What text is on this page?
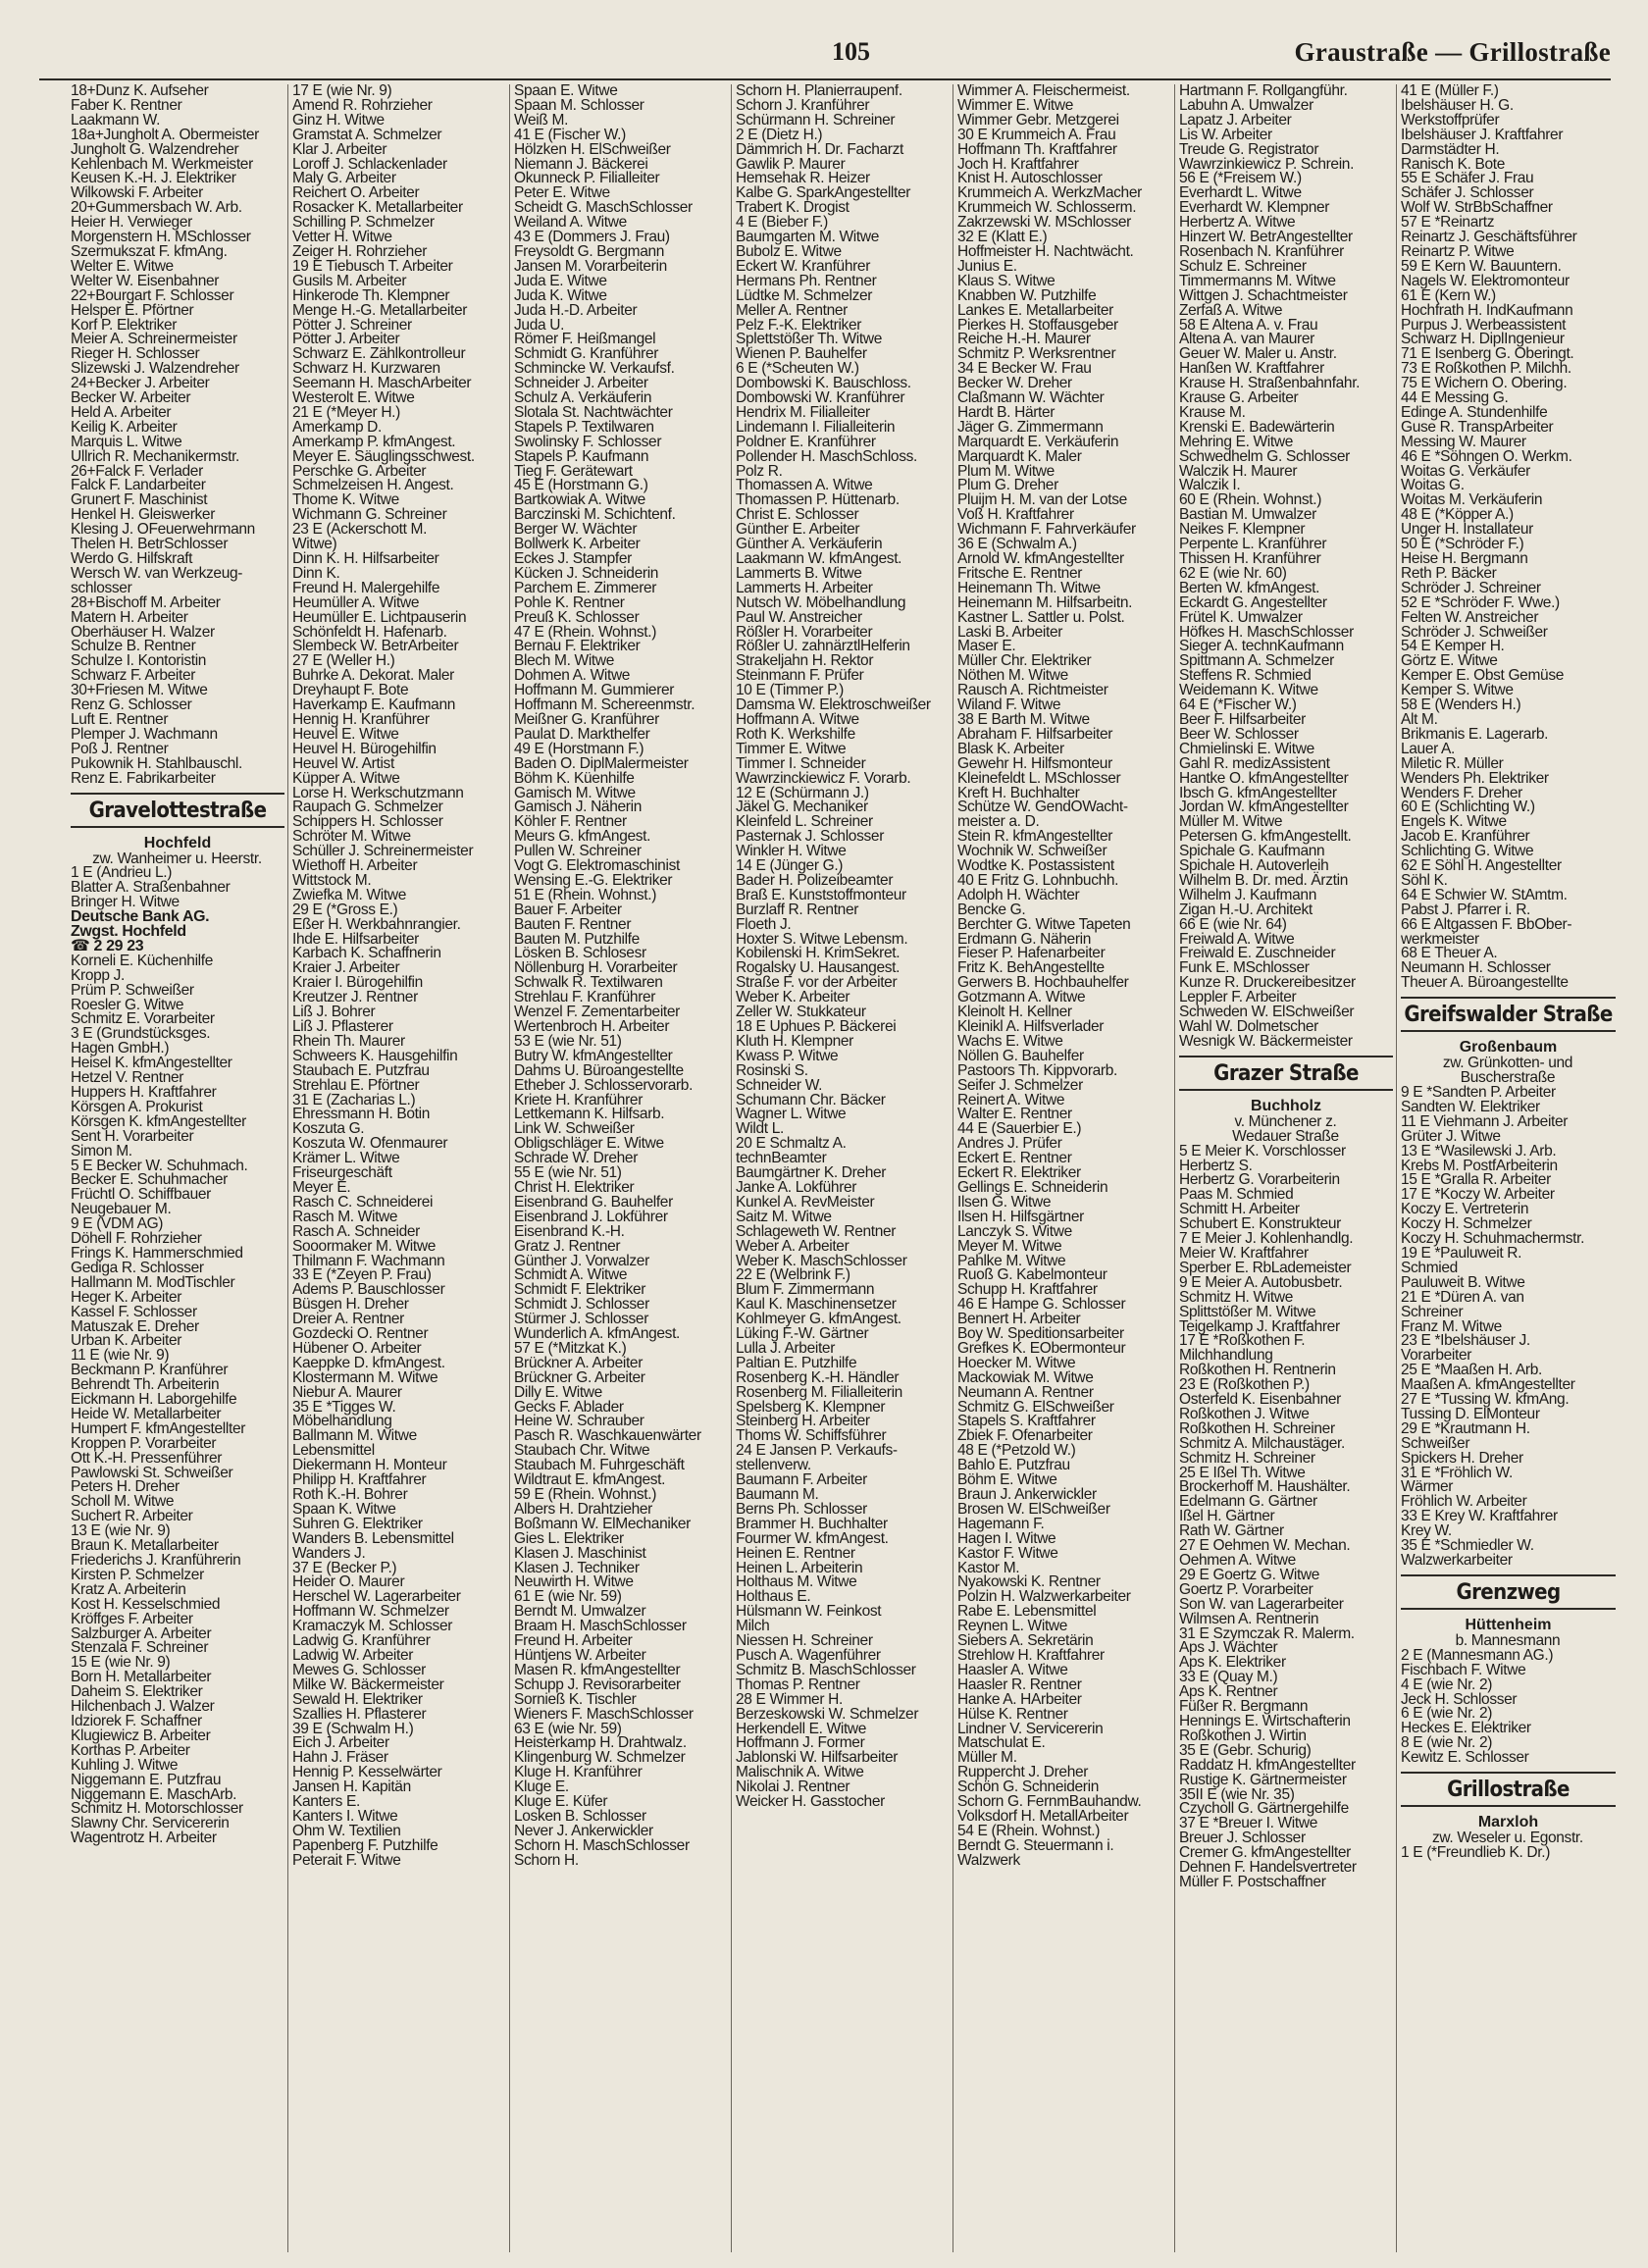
105	Graustraße — Grillostraße
18+Dunz K. Aufseher
Faber K. Rentner
Laakmann W.
18a+Jungholt A. Obermeister
Jungholt G. Walzendreher
Kehlenbach M. Werkmeister
Keusen K.-H. J. Elektriker
Wilkowski F. Arbeiter
20+Gummersbach W. Arb.
Heier H. Verwieger
Morgenstern H. MSchlosser
Szermukszat F. kfmAng.
Welter E. Witwe
Welter W. Eisenbahner
22+Bourgart F. Schlosser
Helsper E. Pförtner
Korf P. Elektriker
Meier A. Schreinermeister
Rieger H. Schlosser
Slizewski J. Walzendreher
24+Becker J. Arbeiter
Becker W. Arbeiter
Held A. Arbeiter
Keilig K. Arbeiter
Marquis L. Witwe
Ullrich R. Mechanikermstr.
26+Falck F. Verlader
Falck F. Landarbeiter
Grunert F. Maschinist
Henkel H. Gleiswerker
Klesing J. OFeuerwehrmann
Thelen H. BetrSchlosser
Werdo G. Hilfskraft
Wersch W. van Werkzeug-
schlosser
28+Bischoff M. Arbeiter
Matern H. Arbeiter
Oberhäuser H. Walzer
Schulze B. Rentner
Schulze I. Kontoristin
Schwarz F. Arbeiter
30+Friesen M. Witwe
Renz G. Schlosser
Luft E. Rentner
Plemper J. Wachmann
Poß J. Rentner
Pukownik H. Stahlbauschl.
Renz E. Fabrikarbeiter
Gravelottestraße
Hochfeld
zw. Wanheimer u. Heerstr.
1 E (Andrieu L.)
Blatter A. Straßenbahner
Bringer H. Witwe
Deutsche Bank AG.
Zwgst. Hochfeld
☎ 2 29 23
Korneli E. Küchenhilfe
Kropp J.
Prüm P. Schweißer
Roesler G. Witwe
Schmitz E. Vorarbeiter
3 E (Grundstücksges.
Hagen GmbH.)
Heisel K. kfmAngestellter
Hetzel V. Rentner
Huppers H. Kraftfahrer
Körsgen A. Prokurist
Körsgen K. kfmAngestellter
Sent H. Vorarbeiter
Simon M.
5 E Becker W. Schuhmach.
Becker E. Schuhmacher
Früchtl O. Schiffbauer
Neugebauer M.
9 E (VDM AG)
Döhell F. Rohrzieher
Frings K. Hammerschmied
Gediga R. Schlosser
Hallmann M. ModTischler
Heger K. Arbeiter
Kassel F. Schlosser
Matuszak E. Dreher
Urban K. Arbeiter
11 E (wie Nr. 9)
Beckmann P. Kranführer
Behrendt Th. Arbeiterin
Eickmann H. Laborgehilfe
Heide W. Metallarbeiter
Humpert F. kfmAngestellter
Kroppen P. Vorarbeiter
Ott K.-H. Pressenführer
Pawlowski St. Schweißer
Peters H. Dreher
Scholl M. Witwe
Suchert R. Arbeiter
13 E (wie Nr. 9)
Braun K. Metallarbeiter
Friederichs J. Kranführerin
Kirsten P. Schmelzer
Kratz A. Arbeiterin
Kost H. Kesselschmied
Kröffges F. Arbeiter
Salzburger A. Arbeiter
Stenzala F. Schreiner
15 E (wie Nr. 9)
Born H. Metallarbeiter
Daheim S. Elektriker
Hilchenbach J. Walzer
Idziorek F. Schaffner
Klugiewicz B. Arbeiter
Korthas P. Arbeiter
Kuhling J. Witwe
Niggemann E. Putzfrau
Niggemann E. MaschArb.
Schmitz H. Motorschlosser
Slawny Chr. Servicererin
Wagentrotz H. Arbeiter
17 E (wie Nr. 9)
Amend R. Rohrzieher
Ginz H. Witwe
Gramstat A. Schmelzer
Klar J. Arbeiter
Loroff J. Schlackenlader
Maly G. Arbeiter
Reichert O. Arbeiter
Rosacker K. Metallarbeiter
Schilling P. Schmelzer
Vetter H. Witwe
Zeiger H. Rohrzieher
19 E Tiebusch T. Arbeiter
Gusils M. Arbeiter
Hinkerode Th. Klempner
Menge H.-G. Metallarbeiter
Pötter J. Schreiner
Pötter J. Arbeiter
Schwarz E. Zählkontrolleur
Schwarz H. Kurzwaren
Seemann H. MaschArbeiter
Westerolt E. Witwe
21 E (*Meyer H.)
Amerkamp D.
Amerkamp P. kfmAngest.
Meyer E. Säuglingsschwest.
Perschke G. Arbeiter
Schmelzeisen H. Angest.
Thome K. Witwe
Wichmann G. Schreiner
23 E (Ackerschott M.
Witwe)
Dinn K. H. Hilfsarbeiter
Dinn K.
Freund H. Malergehilfe
Heumüller A. Witwe
Heumüller E. Lichtpauserin
Schönfeldt H. Hafenarb.
Slembeck W. BetrArbeiter
27 E (Weller H.)
Buhrke A. Dekorat. Maler
Dreyhaupt F. Bote
Haverkamp E. Kaufmann
Hennig H. Kranführer
Heuvel E. Witwe
Heuvel H. Bürogehilfin
Heuvel W. Artist
Küpper A. Witwe
Lorse H. Werkschutzmann
Raupach G. Schmelzer
Schippers H. Schlosser
Schröter M. Witwe
Schüller J. Schreinermeister
Wiethoff H. Arbeiter
Wittstock M.
Zwiefka M. Witwe
29 E (*Gross E.)
Eßer H. Werkbahnrangier.
Ihde E. Hilfsarbeiter
Karbach K. Schaffnerin
Kraier J. Arbeiter
Kraier I. Bürogehilfin
Kreutzer J. Rentner
Liß J. Bohrer
Liß J. Pflasterer
Rhein Th. Maurer
Schweers K. Hausgehilfin
Staubach E. Putzfrau
Strehlau E. Pförtner
31 E (Zacharias L.)
Ehressmann H. Botin
Koszuta G.
Koszuta W. Ofenmaurer
Krämer L. Witwe
Friseurgeschäft
Meyer E.
Rasch C. Schneiderei
Rasch M. Witwe
Rasch A. Schneider
Sooormaker M. Witwe
Thilmann F. Wachmann
33 E (*Zeyen P. Frau)
Adems P. Bauschlosser
Büsgen H. Dreher
Dreier A. Rentner
Gozdecki O. Rentner
Hübener O. Arbeiter
Kaeppke D. kfmAngest.
Klostermann M. Witwe
Niebur A. Maurer
35 E *Tigges W.
Möbelhandlung
Ballmann M. Witwe
Lebensmittel
Diekermann H. Monteur
Philipp H. Kraftfahrer
Roth K.-H. Bohrer
Spaan K. Witwe
Suhren G. Elektriker
Wanders B. Lebensmittel
Wanders J.
37 E (Becker P.)
Heider O. Maurer
Herschel W. Lagerarbeiter
Hoffmann W. Schmelzer
Kramaczyk M. Schlosser
Ladwig G. Kranführer
Ladwig W. Arbeiter
Mewes G. Schlosser
Milke W. Bäckermeister
Sewald H. Elektriker
Szallies H. Pflasterer
39 E (Schwalm H.)
Eich J. Arbeiter
Hahn J. Fräser
Hennig P. Kesselwärter
Jansen H. Kapitän
Kanters E.
Kanters I. Witwe
Ohm W. Textilien
Papenberg F. Putzhilfe
Peterait F. Witwe
Spaan E. Witwe
Spaan M. Schlosser
Weiß M.
41 E (Fischer W.)
Hölzken H. ElSchweißer
Niemann J. Bäckerei
Okunneck P. Filialleiter
Peter E. Witwe
Scheidt G. MaschSchlosser
Weiland A. Witwe
43 E (Dommers J. Frau)
Freysoldt G. Bergmann
Jansen M. Vorarbeiterin
Juda E. Witwe
Juda K. Witwe
Juda H.-D. Arbeiter
Juda U.
Römer F. Heißmangel
Schmidt G. Kranführer
Schmincke W. Verkaufsf.
Schneider J. Arbeiter
Schulz A. Verkäuferin
Slotala St. Nachtwächter
Stapels P. Textilwaren
Swolinsky F. Schlosser
Stapels P. Kaufmann
Tieg F. Gerätewart
45 E (Horstmann G.)
Bartkowiak A. Witwe
Barczinski M. Schichtenf.
Berger W. Wächter
Bollwerk K. Arbeiter
Eckes J. Stampfer
Kücken J. Schneiderin
Parchem E. Zimmerer
Pohle K. Rentner
Preuß K. Schlosser
47 E (Rhein. Wohnst.)
Bernau F. Elektriker
Blech M. Witwe
Dohmen A. Witwe
Hoffmann M. Gummierer
Hoffmann M. Schereenmstr.
Meißner G. Kranführer
Paulat D. Markthelfer
49 E (Horstmann F.)
Baden O. DiplMalermeister
Böhm K. Küenhilfe
Gamisch M. Witwe
Gamisch J. Näherin
Köhler F. Rentner
Meurs G. kfmAngest.
Pullen W. Schreiner
Vogt G. Elektromaschinist
Wensing E.-G. Elektriker
51 E (Rhein. Wohnst.)
Bauer F. Arbeiter
Bauten F. Rentner
Bauten M. Putzhilfe
Lösken B. Schlosesr
Nöllenburg H. Vorarbeiter
Schwalk R. Textilwaren
Strehlau F. Kranführer
Wenzel F. Zementarbeiter
Wertenbroch H. Arbeiter
53 E (wie Nr. 51)
Butry W. kfmAngestellter
Dahms U. Büroangestellte
Etheber J. Schlosservorarb.
Kriete H. Kranführer
Lettkemann K. Hilfsarb.
Link W. Schweißer
Obligschläger E. Witwe
Schrade W. Dreher
55 E (wie Nr. 51)
Christ H. Elektriker
Eisenbrand G. Bauhelfer
Eisenbrand J. Lokführer
Eisenbrand K.-H.
Gratz J. Rentner
Günther J. Vorwalzer
Schmidt A. Witwe
Schmidt F. Elektriker
Schmidt J. Schlosser
Stürmer J. Schlosser
Wunderlich A. kfmAngest.
57 E (*Mitzkat K.)
Brückner A. Arbeiter
Brückner G. Arbeiter
Dilly E. Witwe
Gecks F. Ablader
Heine W. Schrauber
Pasch R. Waschkauenwärter
Staubach Chr. Witwe
Staubach M. Fuhrgeschäft
Wildtraut E. kfmAngest.
59 E (Rhein. Wohnst.)
Albers H. Drahtzieher
Boßmann W. ElMechaniker
Gies L. Elektriker
Klasen J. Maschinist
Klasen J. Techniker
Neuwirth H. Witwe
61 E (wie Nr. 59)
Berndt M. Umwalzer
Braam H. MaschSchlosser
Freund H. Arbeiter
Hüntjens W. Arbeiter
Masen R. kfmAngestellter
Schupp J. Revisorarbeiter
Sornieß K. Tischler
Wieners F. MaschSchlosser
63 E (wie Nr. 59)
Heisterkamp H. Drahtwalz.
Klingenburg W. Schmelzer
Kluge H. Kranführer
Kluge E.
Kluge E. Küfer
Losken B. Schlosser
Never J. Ankerwickler
Schorn H. MaschSchlosser
Schorn H.
Schorn H. Planierraupenf.
Schorn J. Kranführer
Schürmann H. Schreiner
2 E (Dietz H.)
Dämmrich H. Dr. Facharzt
Gawlik P. Maurer
Hemsehak R. Heizer
Kalbe G. SparkAngestellter
Trabert K. Drogist
4 E (Bieber F.)
Baumgarten M. Witwe
Bubolz E. Witwe
Eckert W. Kranführer
Hermans Ph. Rentner
Lüdtke M. Schmelzer
Meller A. Rentner
Pelz F.-K. Elektriker
Splettstößer Th. Witwe
Wienen P. Bauhelfer
6 E (*Scheuten W.)
Dombowski K. Bauschloss.
Dombowski W. Kranführer
Hendrix M. Filialleiter
Lindemann I. Filialleiterin
Poldner E. Kranführer
Pollender H. MaschSchloss.
Polz R.
Thomassen A. Witwe
Thomassen P. Hüttenarb.
Christ E. Schlosser
Günther E. Arbeiter
Günther A. Verkäuferin
Laakmann W. kfmAngest.
Lammerts B. Witwe
Lammerts H. Arbeiter
Nutsch W. Möbelhandlung
Paul W. Anstreicher
Rößler H. Vorarbeiter
Rößler U. zahnärztlHelferin
Strakeljahn H. Rektor
Steinmann F. Prüfer
10 E (Timmer P.)
Damsma W. Elektroschweißer
Hoffmann A. Witwe
Roth K. Werkshilfe
Timmer E. Witwe
Timmer I. Schneider
Wawrzinckiewicz F. Vorarb.
12 E (Schürmann J.)
Jäkel G. Mechaniker
Kleinfeld L. Schreiner
Pasternak J. Schlosser
Winkler H. Witwe
14 E (Jünger G.)
Bader H. Polizeibeamter
Braß E. Kunststoffmonteur
Burzlaff R. Rentner
Floeth J.
Hoxter S. Witwe Lebensm.
Kobilenski H. KrimSekret.
Rogalsky U. Hausangest.
Straße F. vor der Arbeiter
Weber K. Arbeiter
Zeller W. Stukkateur
18 E Uphues P. Bäckerei
Kluth H. Klempner
Kwass P. Witwe
Rosinski S.
Schneider W.
Schumann Chr. Bäcker
Wagner L. Witwe
Wildt L.
20 E Schmaltz A.
technBeamter
Baumgärtner K. Dreher
Janke A. Lokführer
Kunkel A. RevMeister
Saitz M. Witwe
Schlageweth W. Rentner
Weber A. Arbeiter
Weber K. MaschSchlosser
22 E (Welbrink F.)
Blum F. Zimmermann
Kaul K. Maschinensetzer
Kohlmeyer G. kfmAngest.
Lüking F.-W. Gärtner
Lulla J. Arbeiter
Paltian E. Putzhilfe
Rosenberg K.-H. Händler
Rosenberg M. Filialleiterin
Spelsberg K. Klempner
Steinberg H. Arbeiter
Thoms W. Schiffsführer
24 E Jansen P. Verkaufs-
stellenverw.
Baumann F. Arbeiter
Baumann M.
Berns Ph. Schlosser
Brammer H. Buchhalter
Fourmer W. kfmAngest.
Heinen E. Rentner
Heinen L. Arbeiterin
Holthaus M. Witwe
Holthaus E.
Hülsmann W. Feinkost
Milch
Niessen H. Schreiner
Pusch A. Wagenführer
Schmitz B. MaschSchlosser
Thomas P. Rentner
28 E Wimmer H.
Berzeskowski W. Schmelzer
Herkendell E. Witwe
Hoffmann J. Former
Jablonski W. Hilfsarbeiter
Malischnik A. Witwe
Nikolai J. Rentner
Weicker H. Gasstocher
Wimmer A. Fleischermeist.
Wimmer E. Witwe
Wimmer Gebr. Metzgerei
30 E Krummeich A. Frau
Hoffmann Th. Kraftfahrer
Joch H. Kraftfahrer
Knist H. Autoschlosser
Krummeich A. WerkzMacher
Krummeich W. Schlosserm.
Zakrzewski W. MSchlosser
32 E (Klatt E.)
Hoffmeister H. Nachtwächt.
Junius E.
Klaus S. Witwe
Knabben W. Putzhilfe
Lankes E. Metallarbeiter
Pierkes H. Stoffausgeber
Reiche H.-H. Maurer
Schmitz P. Werksrentner
34 E Becker W. Frau
Becker W. Dreher
Claßmann W. Wächter
Hardt B. Härter
Jäger G. Zimmermann
Marquardt E. Verkäuferin
Marquardt K. Maler
Plum M. Witwe
Plum G. Dreher
Pluijm H. M. van der Lotse
Voß H. Kraftfahrer
Wichmann F. Fahrverkäufer
36 E (Schwalm A.)
Arnold W. kfmAngestellter
Fritsche E. Rentner
Heinemann Th. Witwe
Heinemann M. Hilfsarbeitn.
Kastner L. Sattler u. Polst.
Laski B. Arbeiter
Maser E.
Müller Chr. Elektriker
Nöthen M. Witwe
Rausch A. Richtmeister
Wiland F. Witwe
38 E Barth M. Witwe
Abraham F. Hilfsarbeiter
Blask K. Arbeiter
Gewehr H. Hilfsmonteur
Kleinefeldt L. MSchlosser
Kreft H. Buchhalter
Schütze W. GendOWacht-
meister a. D.
Stein R. kfmAngestellter
Wochnik W. Schweißer
Wodtke K. Postassistent
40 E Fritz G. Lohnbuchh.
Adolph H. Wächter
Bencke G.
Berchter G. Witwe Tapeten
Erdmann G. Näherin
Fieser P. Hafenarbeiter
Fritz K. BehAngestellte
Gerwers B. Hochbauhelfer
Gotzmann A. Witwe
Kleinolt H. Kellner
Kleinikl A. Hilfsverlader
Wachs E. Witwe
Nöllen G. Bauhelfer
Pastoors Th. Kippvorarb.
Seifer J. Schmelzer
Reinert A. Witwe
Walter E. Rentner
44 E (Sauerbier E.)
Andres J. Prüfer
Eckert E. Rentner
Eckert R. Elektriker
Gellings E. Schneiderin
Ilsen G. Witwe
Ilsen H. Hilfsgärtner
Lanczyk S. Witwe
Meyer M. Witwe
Pahlke M. Witwe
Ruoß G. Kabelmonteur
Schupp H. Kraftfahrer
46 E Hampe G. Schlosser
Bennert H. Arbeiter
Boy W. Speditionsarbeiter
Grefkes K. EObermonteur
Hoecker M. Witwe
Mackowiak M. Witwe
Neumann A. Rentner
Schmitz G. ElSchweißer
Stapels S. Kraftfahrer
Zbiek F. Ofenarbeiter
48 E (*Petzold W.)
Bahlo E. Putzfrau
Böhm E. Witwe
Braun J. Ankerwickler
Brosen W. ElSchweißer
Hagemann F.
Hagen I. Witwe
Kastor F. Witwe
Kastor M.
Nyakowski K. Rentner
Polzin H. Walzwerkarbeiter
Rabe E. Lebensmittel
Reynen L. Witwe
Siebers A. Sekretärin
Strehlow H. Kraftfahrer
Haasler A. Witwe
Haasler R. Rentner
Hanke A. HArbeiter
Hülse K. Rentner
Lindner V. Servicererin
Matschulat E.
Müller M.
Ruppercht J. Dreher
Schön G. Schneiderin
Schorn G. FernmBauhandw.
Volksdorf H. MetallArbeiter
54 E (Rhein. Wohnst.)
Berndt G. Steuermann i.
Walzwerk
Hartmann F. Rollgangführ.
Labuhn A. Umwalzer
Lapatz J. Arbeiter
Lis W. Arbeiter
Treude G. Registrator
Wawrzinkiewicz P. Schrein.
56 E (*Freisem W.)
Everhardt L. Witwe
Everhardt W. Klempner
Herbertz A. Witwe
Hinzert W. BetrAngestellter
Rosenbach N. Kranführer
Schulz E. Schreiner
Timmermanns M. Witwe
Wittgen J. Schachtmeister
Zerfaß A. Witwe
58 E Altena A. v. Frau
Altena A. van Maurer
Geuer W. Maler u. Anstr.
Hanßen W. Kraftfahrer
Krause H. Straßenbahnfahr.
Krause G. Arbeiter
Krause M.
Krenski E. Badewärterin
Mehring E. Witwe
Schwedhelm G. Schlosser
Walczik H. Maurer
Walczik I.
60 E (Rhein. Wohnst.)
Bastian M. Umwalzer
Neikes F. Klempner
Perpente L. Kranführer
Thissen H. Kranführer
62 E (wie Nr. 60)
Berten W. kfmAngest.
Eckardt G. Angestellter
Frütel K. Umwalzer
Höfkes H. MaschSchlosser
Sieger A. technKaufmann
Spittmann A. Schmelzer
Steffens R. Schmied
Weidemann K. Witwe
64 E (*Fischer W.)
Beer F. Hilfsarbeiter
Beer W. Schlosser
Chmielinski E. Witwe
Gahl R. medizAssistent
Hantke O. kfmAngestellter
Ibsch G. kfmAngestellter
Jordan W. kfmAngestellter
Müller M. Witwe
Petersen G. kfmAngestellt.
Spichale G. Kaufmann
Spichale H. Autoverleih
Wilhelm B. Dr. med. Ärztin
Wilhelm J. Kaufmann
Zigan H.-U. Architekt
66 E (wie Nr. 64)
Freiwald A. Witwe
Freiwald E. Zuschneider
Funk E. MSchlosser
Kunze R. Druckereibesitzer
Leppler F. Arbeiter
Schweden W. ElSchweißer
Wahl W. Dolmetscher
Wesnigk W. Bäckermeister
Grazer Straße
Buchholz
v. Münchener z.
Wedauer Straße
5 E Meier K. Vorschlosser
Herbertz S.
Herbertz G. Vorarbeiterin
Paas M. Schmied
Schmitt H. Arbeiter
Schubert E. Konstrukteur
7 E Meier J. Kohlenhandlg.
Meier W. Kraftfahrer
Sperber E. RbLademeister
9 E Meier A. Autobusbetr.
Schmitz H. Witwe
Splittstößer M. Witwe
Teigelkamp J. Kraftfahrer
17 E *Roßkothen F.
Milchhandlung
Roßkothen H. Rentnerin
23 E (Roßkothen P.)
Osterfeld K. Eisenbahner
Roßkothen J. Witwe
Roßkothen H. Schreiner
Schmitz A. Milchaustäger.
Schmitz H. Schreiner
25 E Ißel Th. Witwe
Brockerhoff M. Haushälter.
Edelmann G. Gärtner
Ißel H. Gärtner
Rath W. Gärtner
27 E Oehmen W. Mechan.
Oehmen A. Witwe
29 E Goertz G. Witwe
Goertz P. Vorarbeiter
Son W. van Lagerarbeiter
Wilmsen A. Rentnerin
31 E Szymczak R. Malerm.
Aps J. Wächter
Aps K. Elektriker
33 E (Quay M.)
Aps K. Rentner
Füßer R. Bergmann
Hennings E. Wirtschafterin
Roßkothen J. Wirtin
35 E (Gebr. Schurig)
Raddatz H. kfmAngestellter
Rustige K. Gärtnermeister
35II E (wie Nr. 35)
Czycholl G. Gärtnergehilfe
37 E *Breuer I. Witwe
Breuer J. Schlosser
Cremer G. kfmAngestellter
Dehnen F. Handelsvertreter
Müller F. Postschaffner
41 E (Müller F.)
Ibelshäuser H. G.
Werkstoffprüfer
Ibelshäuser J. Kraftfahrer
Darmstädter H.
Ranisch K. Bote
55 E Schäfer J. Frau
Schäfer J. Schlosser
Wolf W. StrBbSchaffner
57 E *Reinartz
Reinartz J. Geschäftsführer
Reinartz P. Witwe
59 E Kern W. Bauuntern.
Nagels W. Elektromonteur
61 E (Kern W.)
Hochfrath H. IndKaufmann
Purpus J. Werbeassistent
Schwarz H. DiplIngenieur
71 E Isenberg G. Oberingt.
73 E Roßkothen P. Milchh.
75 E Wichern O. Obering.
44 E Messing G.
Edinge A. Stundenhilfe
Guse R. TranspArbeiter
Messing W. Maurer
46 E *Söhngen O. Werkm.
Woitas G. Verkäufer
Woitas G.
Woitas M. Verkäuferin
48 E (*Köpper A.)
Unger H. Installateur
50 E (*Schröder F.)
Heise H. Bergmann
Reth P. Bäcker
Schröder J. Schreiner
52 E *Schröder F. Wwe.)
Felten W. Anstreicher
Schröder J. Schweißer
54 E Kemper H.
Görtz E. Witwe
Kemper E. Obst Gemüse
Kemper S. Witwe
58 E (Wenders H.)
Alt M.
Brikmanis E. Lagerarb.
Lauer A.
Miletic R. Müller
Wenders Ph. Elektriker
Wenders F. Dreher
60 E (Schlichting W.)
Engels K. Witwe
Jacob E. Kranführer
Schlichting G. Witwe
62 E Söhl H. Angestellter
Söhl K.
64 E Schwier W. StAmtm.
Pabst J. Pfarrer i. R.
66 E Altgassen F. BbOber-
werkmeister
68 E Theuer A.
Neumann H. Schlosser
Theuer A. Büroangestellte
Greifswalder Straße
Großenbaum
zw. Grünkotten- und
Buscherstraße
9 E *Sandten P. Arbeiter
Sandten W. Elektriker
11 E Viehmann J. Arbeiter
Grüter J. Witwe
13 E *Wasilewski J. Arb.
Krebs M. PostfArbeiterin
15 E *Gralla R. Arbeiter
17 E *Koczy W. Arbeiter
Koczy E. Vertreterin
Koczy H. Schmelzer
Koczy H. Schuhmachermstr.
19 E *Pauluweit R.
Schmied
Pauluweit B. Witwe
21 E *Düren A. van
Schreiner
Franz M. Witwe
23 E *Ibelshäuser J.
Vorarbeiter
25 E *Maaßen H. Arb.
Maaßen A. kfmAngestellter
27 E *Tussing W. kfmAng.
Tussing D. ElMonteur
29 E *Krautmann H.
Schweißer
Spickers H. Dreher
31 E *Fröhlich W.
Wärmer
Fröhlich W. Arbeiter
33 E Krey W. Kraftfahrer
Krey W.
35 E *Schmiedler W.
Walzwerkarbeiter
Grenzweg
Hüttenheim
b. Mannesmann
2 E (Mannesmann AG.)
Fischbach F. Witwe
4 E (wie Nr. 2)
Jeck H. Schlosser
6 E (wie Nr. 2)
Heckes E. Elektriker
8 E (wie Nr. 2)
Kewitz E. Schlosser
Grillostraße
Marxloh
zw. Weseler u. Egonstr.
1 E (*Freundlieb K. Dr.)
